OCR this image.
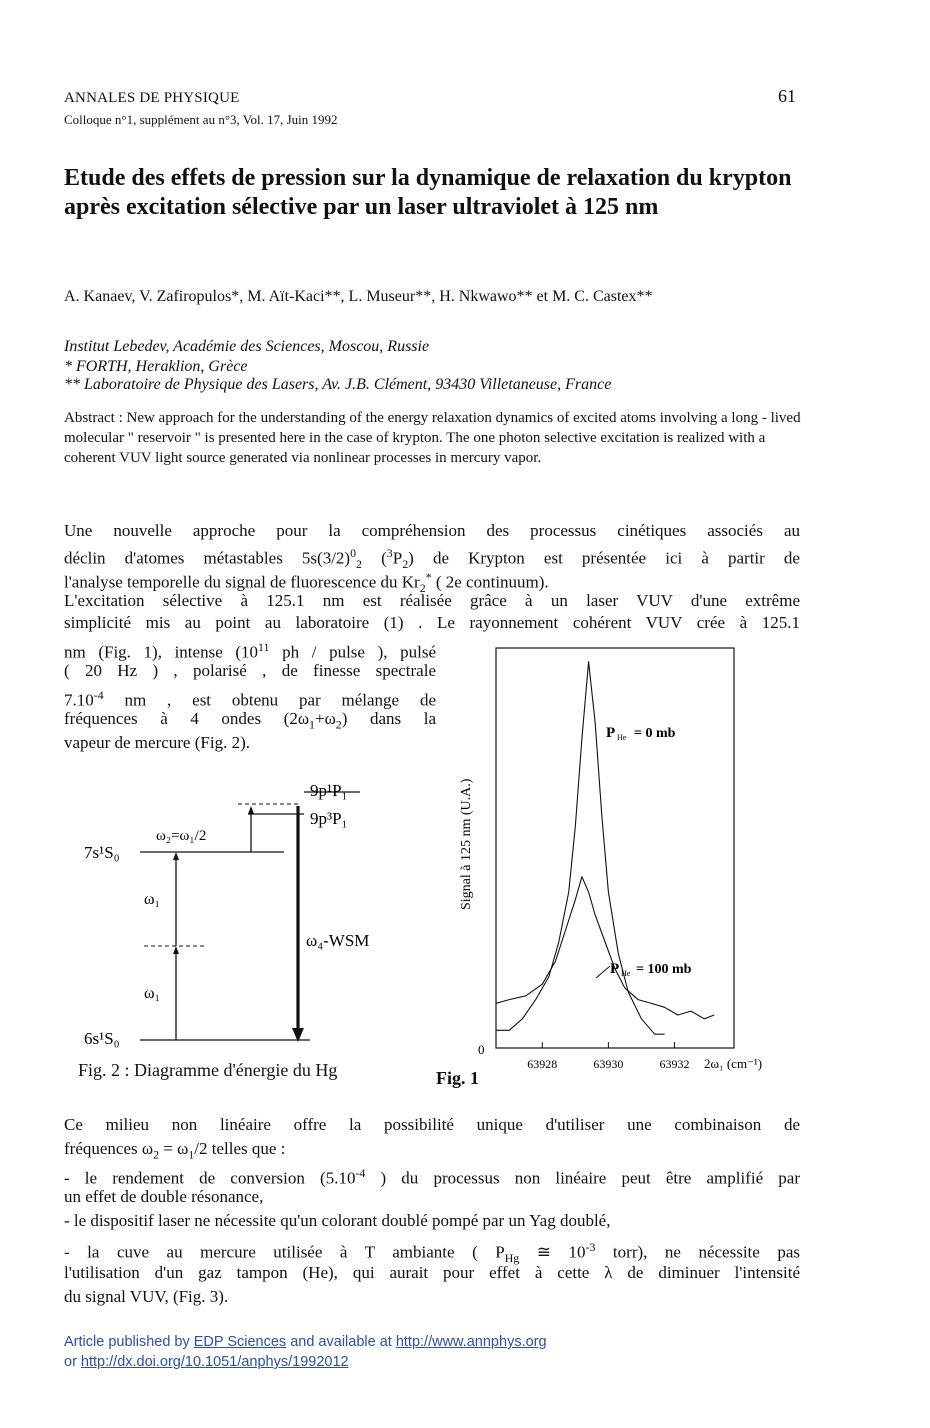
ANNALES DE PHYSIQUE
Colloque n°1, supplément au n°3, Vol. 17, Juin 1992
61
Etude des effets de pression sur la dynamique de relaxation du krypton après excitation sélective par un laser ultraviolet à 125 nm
A. Kanaev, V. Zafiropulos*, M. Aït-Kaci**, L. Museur**, H. Nkwawo** et M. C. Castex**
Institut Lebedev, Académie des Sciences, Moscou, Russie
* FORTH, Heraklion, Grèce
** Laboratoire de Physique des Lasers, Av. J.B. Clément, 93430 Villetaneuse, France
Abstract : New approach for the understanding of the energy relaxation dynamics of excited atoms involving a long - lived molecular " reservoir " is presented here in the case of krypton. The one photon selective excitation is realized with a coherent VUV light source generated via nonlinear processes in mercury vapor.
Une nouvelle approche pour la compréhension des processus cinétiques associés au
déclin d'atomes métastables $5s(3/2)^0_2$ $(^3P_2)$ de Krypton est présentée ici à partir de
l'analyse temporelle du signal de fluorescence du $Kr_2^*$ ( 2e continuum).
L'excitation sélective à 125.1 nm est réalisée grâce à un laser VUV d'une extrême
simplicité mis au point au laboratoire (1) . Le rayonnement cohérent VUV crée à 125.1
nm (Fig. 1), intense ($10^{11}$ ph / pulse ), pulsé
( 20 Hz ) , polarisé , de finesse spectrale
$7.10^{-4}$ nm , est obtenu par mélange de
fréquences à 4 ondes $(2\omega_1+\omega_2)$ dans la
vapeur de mercure (Fig. 2).
9p¹P₁
9p³P₁
ω₂=ω₁/2
7s¹S₀
ω₁
ω₁
ω₄-WSM
6s¹S₀
Fig. 2 : Diagramme d'énergie du Hg
Signal à 125 nm (U.A.)
0
63928	63930	63932
P He = 0 mb
P He = 100 mb
2ω₁ (cm⁻¹)
Fig. 1
Ce milieu non linéaire offre la possibilité unique d'utiliser une combinaison de
fréquences $\omega_2 = \omega_1/2$ telles que :
- le rendement de conversion ($5.10^{-4}$ ) du processus non linéaire peut être amplifié par
un effet de double résonance,
- le dispositif laser ne nécessite qu'un colorant doublé pompé par un Yag doublé,
- la cuve au mercure utilisée à T ambiante ( $P_{Hg}$ ≅ $10^{-3}$ torr), ne nécessite pas
l'utilisation d'un gaz tampon (He), qui aurait pour effet à cette λ de diminuer l'intensité
du signal VUV, (Fig. 3).
Article published by EDP Sciences and available at http://www.annphys.org
or http://dx.doi.org/10.1051/anphys/1992012
